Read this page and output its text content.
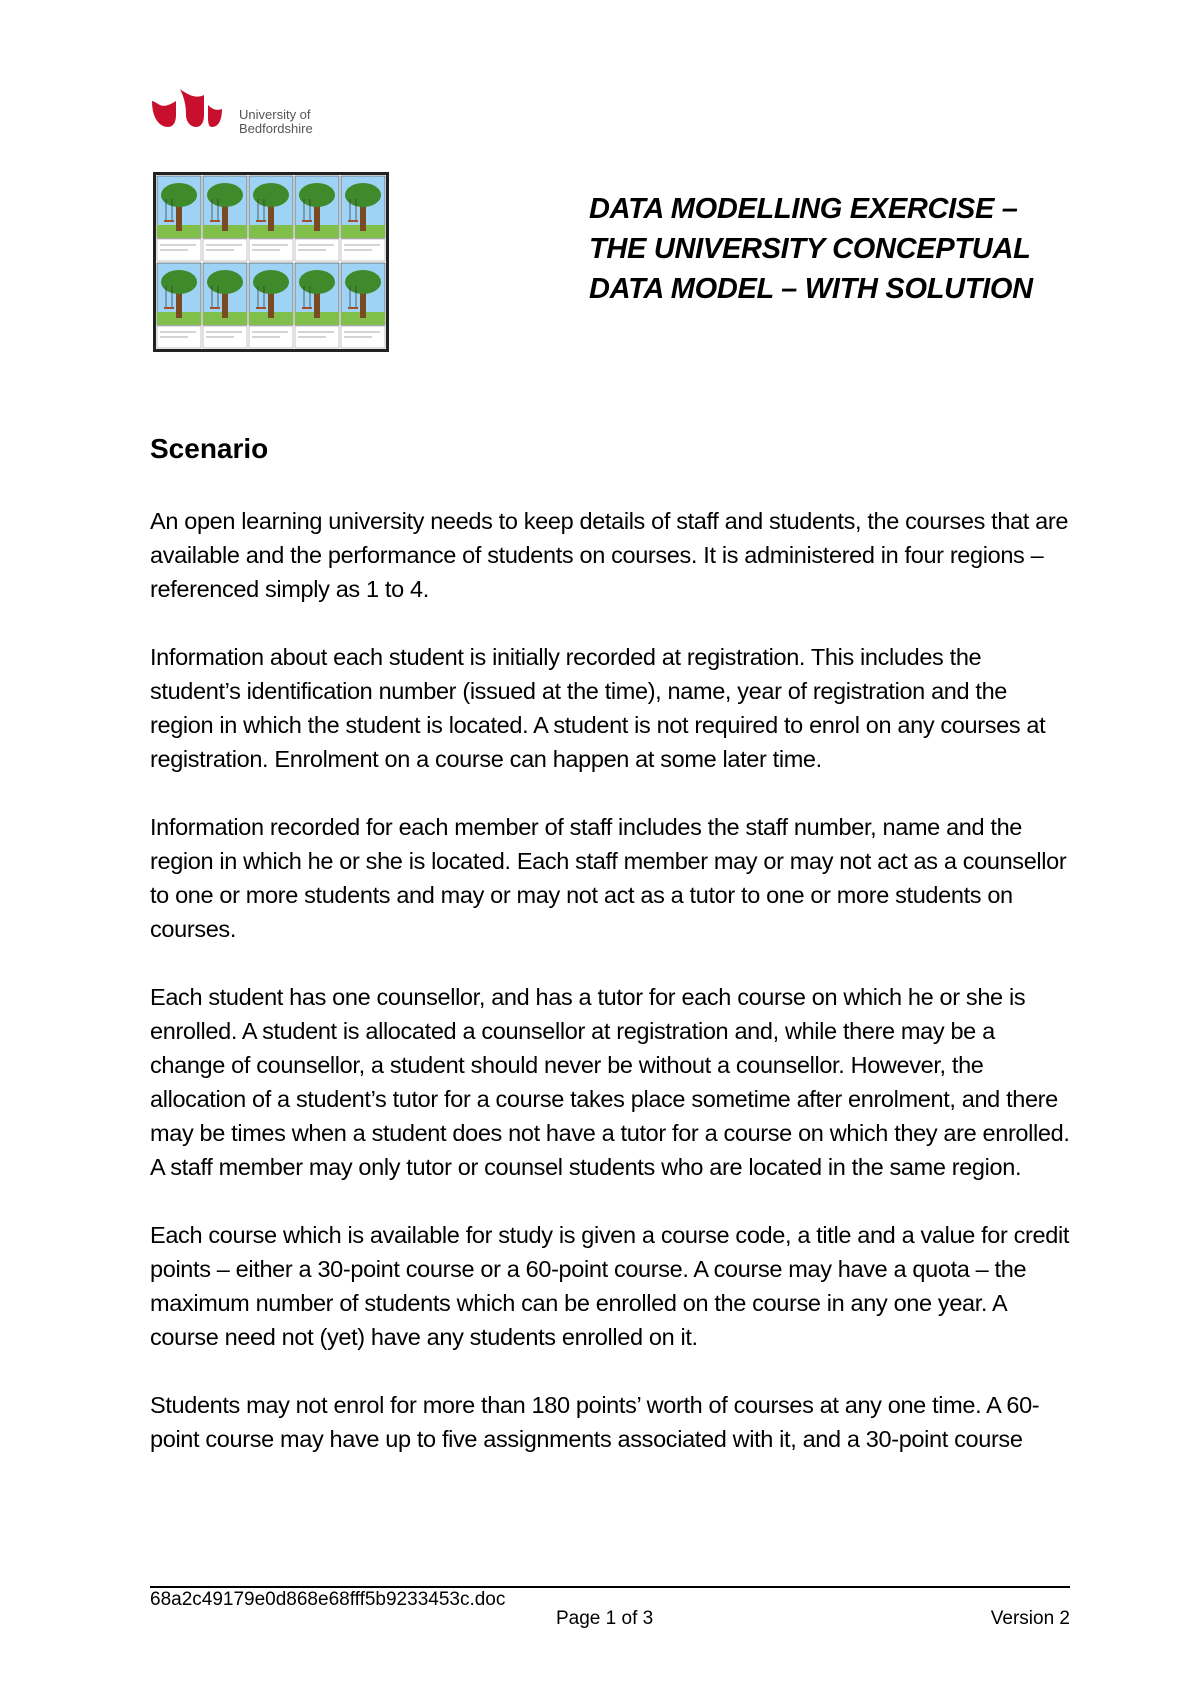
University of
Bedfordshire
DATA MODELLING EXERCISE –
THE UNIVERSITY CONCEPTUAL
DATA MODEL – WITH SOLUTION
Scenario

An open learning university needs to keep details of staff and students, the courses that are available and the performance of students on courses. It is administered in four regions – referenced simply as 1 to 4.

Information about each student is initially recorded at registration. This includes the student’s identification number (issued at the time), name, year of registration and the region in which the student is located. A student is not required to enrol on any courses at registration. Enrolment on a course can happen at some later time.

Information recorded for each member of staff includes the staff number, name and the region in which he or she is located. Each staff member may or may not act as a counsellor to one or more students and may or may not act as a tutor to one or more students on courses.

Each student has one counsellor, and has a tutor for each course on which he or she is enrolled. A student is allocated a counsellor at registration and, while there may be a change of counsellor, a student should never be without a counsellor. However, the allocation of a student’s tutor for a course takes place sometime after enrolment, and there may be times when a student does not have a tutor for a course on which they are enrolled. A staff member may only tutor or counsel students who are located in the same region.

Each course which is available for study is given a course code, a title and a value for credit points – either a 30-point course or a 60-point course. A course may have a quota – the maximum number of students which can be enrolled on the course in any one year. A course need not (yet) have any students enrolled on it.

Students may not enrol for more than 180 points’ worth of courses at any one time. A 60-point course may have up to five assignments associated with it, and a 30-point course

68a2c49179e0d868e68fff5b9233453c.doc
Page 1 of 3	Version 2
